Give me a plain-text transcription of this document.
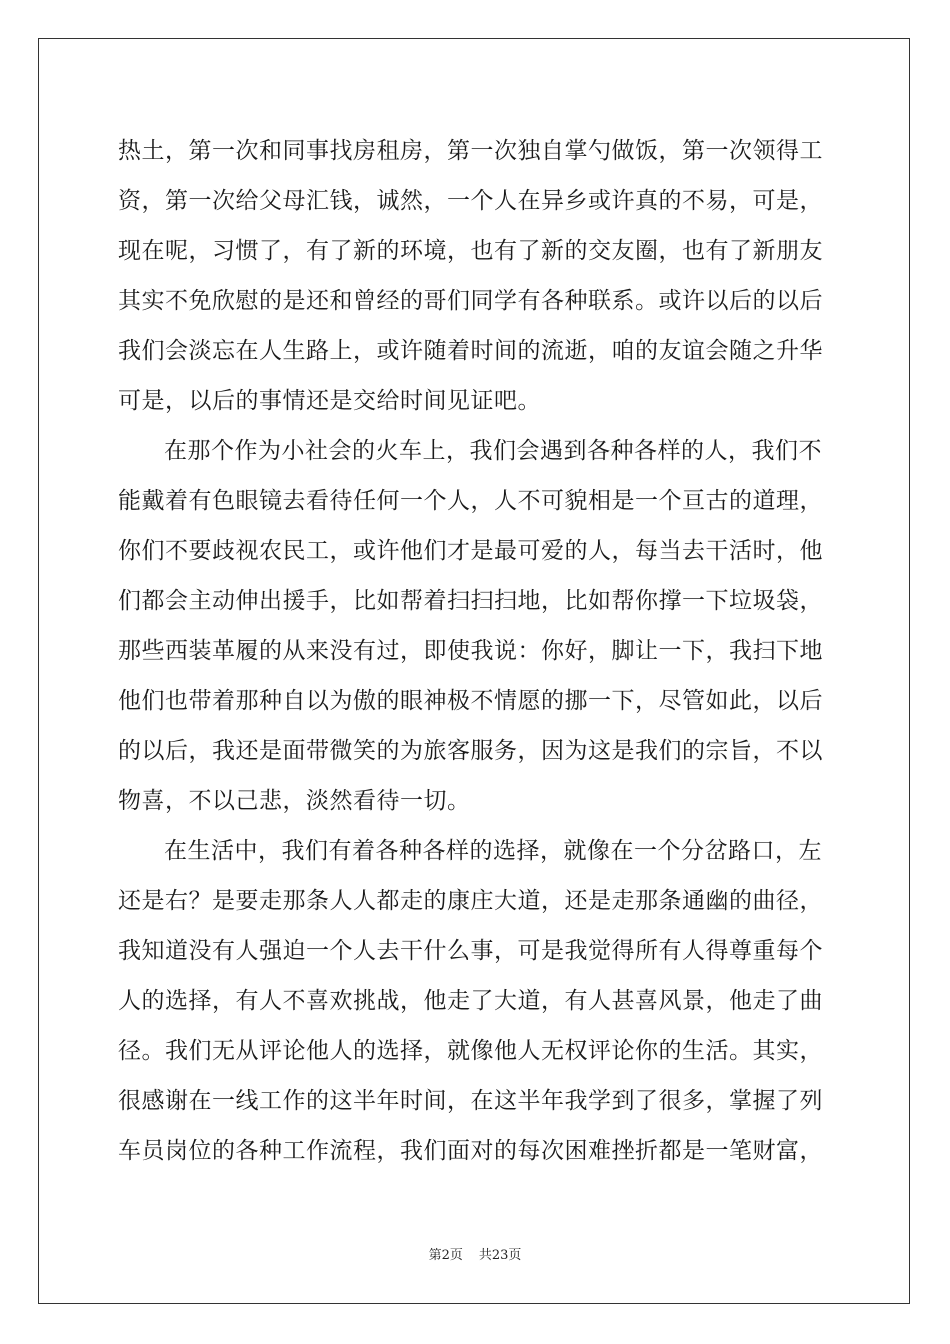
热土，第一次和同事找房租房，第一次独自掌勺做饭，第一次领得工
资，第一次给父母汇钱，诚然，一个人在异乡或许真的不易，可是，
现在呢，习惯了，有了新的环境，也有了新的交友圈，也有了新朋友
其实不免欣慰的是还和曾经的哥们同学有各种联系。或许以后的以后
我们会淡忘在人生路上，或许随着时间的流逝，咱的友谊会随之升华
可是，以后的事情还是交给时间见证吧。
在那个作为小社会的火车上，我们会遇到各种各样的人，我们不
能戴着有色眼镜去看待任何一个人，人不可貌相是一个亘古的道理，
你们不要歧视农民工，或许他们才是最可爱的人，每当去干活时，他
们都会主动伸出援手，比如帮着扫扫扫地，比如帮你撑一下垃圾袋，
那些西装革履的从来没有过，即使我说：你好，脚让一下，我扫下地
他们也带着那种自以为傲的眼神极不情愿的挪一下，尽管如此，以后
的以后，我还是面带微笑的为旅客服务，因为这是我们的宗旨，不以
物喜，不以己悲，淡然看待一切。
在生活中，我们有着各种各样的选择，就像在一个分岔路口，左
还是右？是要走那条人人都走的康庄大道，还是走那条通幽的曲径，
我知道没有人强迫一个人去干什么事，可是我觉得所有人得尊重每个
人的选择，有人不喜欢挑战，他走了大道，有人甚喜风景，他走了曲
径。我们无从评论他人的选择，就像他人无权评论你的生活。其实，
很感谢在一线工作的这半年时间，在这半年我学到了很多，掌握了列
车员岗位的各种工作流程，我们面对的每次困难挫折都是一笔财富，
第2页 共23页
